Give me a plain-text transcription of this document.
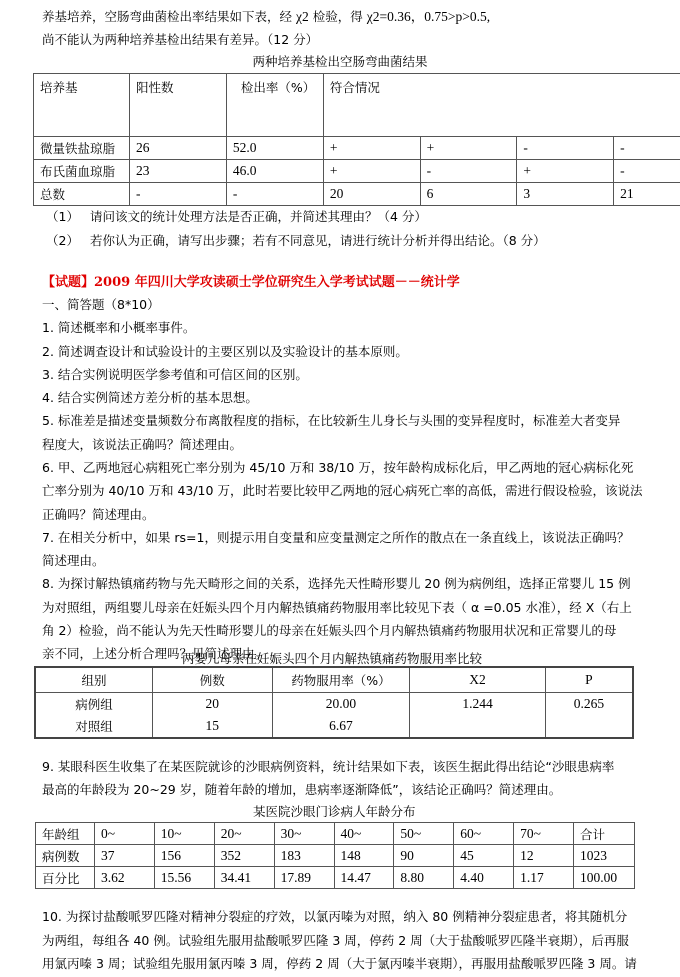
养基培养，空肠弯曲菌检出率结果如下表，经 χ2 检验，得 χ2=0.36，0.75>p>0.5,
尚不能认为两种培养基检出结果有差异。（12 分）
两种培养基检出空肠弯曲菌结果
培养基	阳性数	检出率（%）	符合情况			
微量铁盐琼脂	26	52.0	+	+	-	-
布氏菌血琼脂	23	46.0	+	-	+	-
总数	-	-	20	6	3	21
（1） 请问该文的统计处理方法是否正确，并简述其理由？（4 分）
（2） 若你认为正确，请写出步骤；若有不同意见，请进行统计分析并得出结论。（8 分）
【试题】2009 年四川大学攻读硕士学位研究生入学考试试题－－统计学
一、简答题（8*10）
1. 简述概率和小概率事件。
2. 简述调查设计和试验设计的主要区别以及实验设计的基本原则。
3. 结合实例说明医学参考值和可信区间的区别。
4. 结合实例简述方差分析的基本思想。
5. 标准差是描述变量频数分布离散程度的指标，在比较新生儿身长与头围的变异程度时，标准差大者变异
程度大，该说法正确吗？简述理由。
6. 甲、乙两地冠心病粗死亡率分别为 45/10 万和 38/10 万，按年龄构成标化后，甲乙两地的冠心病标化死
亡率分别为 40/10 万和 43/10 万，此时若要比较甲乙两地的冠心病死亡率的高低，需进行假设检验，该说法
正确吗？简述理由。
7. 在相关分析中，如果 rs=1，则提示用自变量和应变量测定之所作的散点在一条直线上，该说法正确吗？
简述理由。
8. 为探讨解热镇痛药物与先天畸形之间的关系，选择先天性畸形婴儿 20 例为病例组，选择正常婴儿 15 例
为对照组，两组婴儿母亲在妊娠头四个月内解热镇痛药物服用率比较见下表（ α =0.05 水准），经 X（右上
角 2）检验，尚不能认为先天性畸形婴儿的母亲在妊娠头四个月内解热镇痛药物服用状况和正常婴儿的母
亲不同，上述分析合理吗？见简述理由。
两婴儿母亲在妊娠头四个月内解热镇痛药物服用率比较
组别	例数	药物服用率（%）	X2	P
病例组	20	20.00	1.244	0.265
对照组	15	6.67		
9. 某眼科医生收集了在某医院就诊的沙眼病例资料，统计结果如下表，该医生据此得出结论“沙眼患病率
最高的年龄段为 20~29 岁，随着年龄的增加，患病率逐渐降低”，该结论正确吗？简述理由。
某医院沙眼门诊病人年龄分布
年龄组	0~	10~	20~	30~	40~	50~	60~	70~	合计
病例数	37	156	352	183	148	90	45	12	1023
百分比	3.62	15.56	34.41	17.89	14.47	8.80	4.40	1.17	100.00
10. 为探讨盐酸哌罗匹隆对精神分裂症的疗效，以氯丙嗪为对照，纳入 80 例精神分裂症患者，将其随机分
为两组，每组各 40 例。试验组先服用盐酸哌罗匹隆 3 周，停药 2 周（大于盐酸哌罗匹隆半衰期），后再服
用氯丙嗪 3 周；试验组先服用氯丙嗪 3 周，停药 2 周（大于氯丙嗪半衰期），再服用盐酸哌罗匹隆 3 周。请
